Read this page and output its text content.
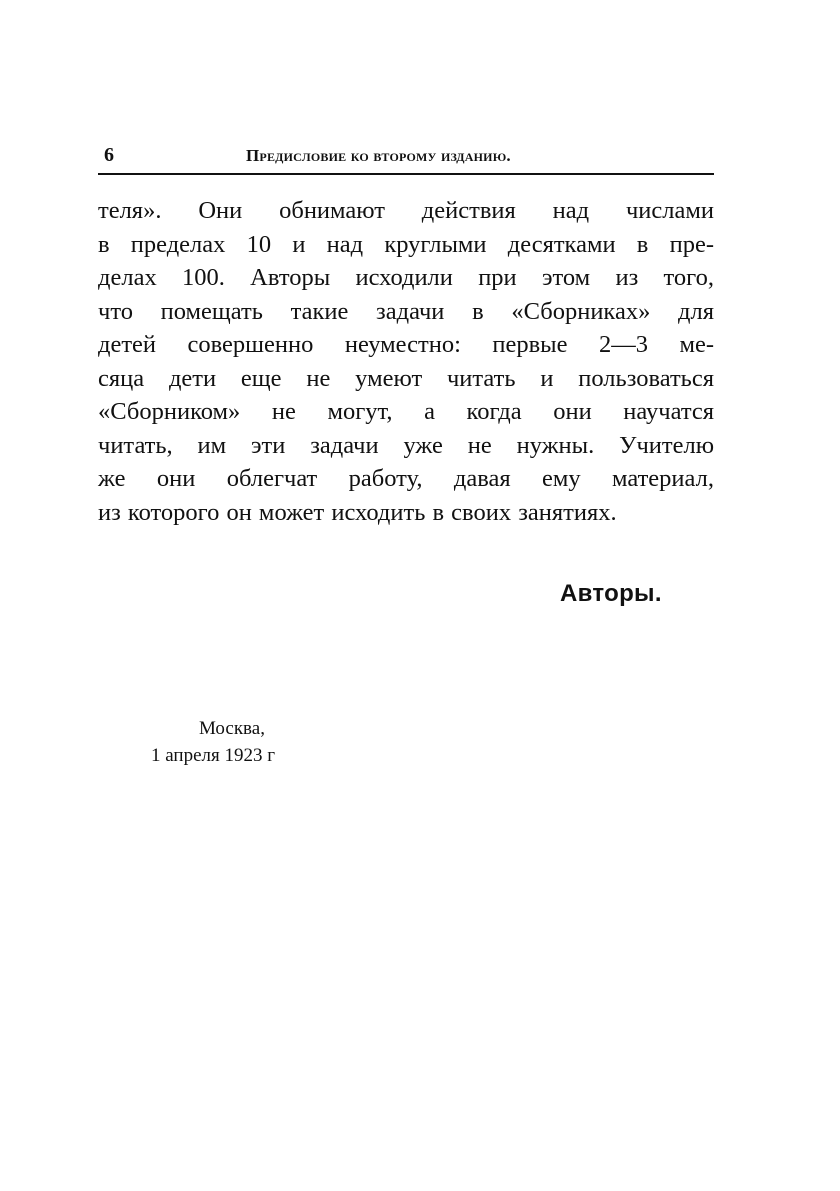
6	Предисловие ко второму изданию.
теля». Они обнимают действия над числами
в пределах 10 и над круглыми десятками в пре-
делах 100. Авторы исходили при этом из того,
что помещать такие задачи в «Сборниках» для
детей совершенно неуместно: первые 2—3 ме-
сяца дети еще не умеют читать и пользоваться
«Сборником» не могут, а когда они научатся
читать, им эти задачи уже не нужны. Учителю
же они облегчат работу, давая ему материал,
из которого он может исходить в своих занятиях.
Авторы.
Москва,
1 апреля 1923 г
